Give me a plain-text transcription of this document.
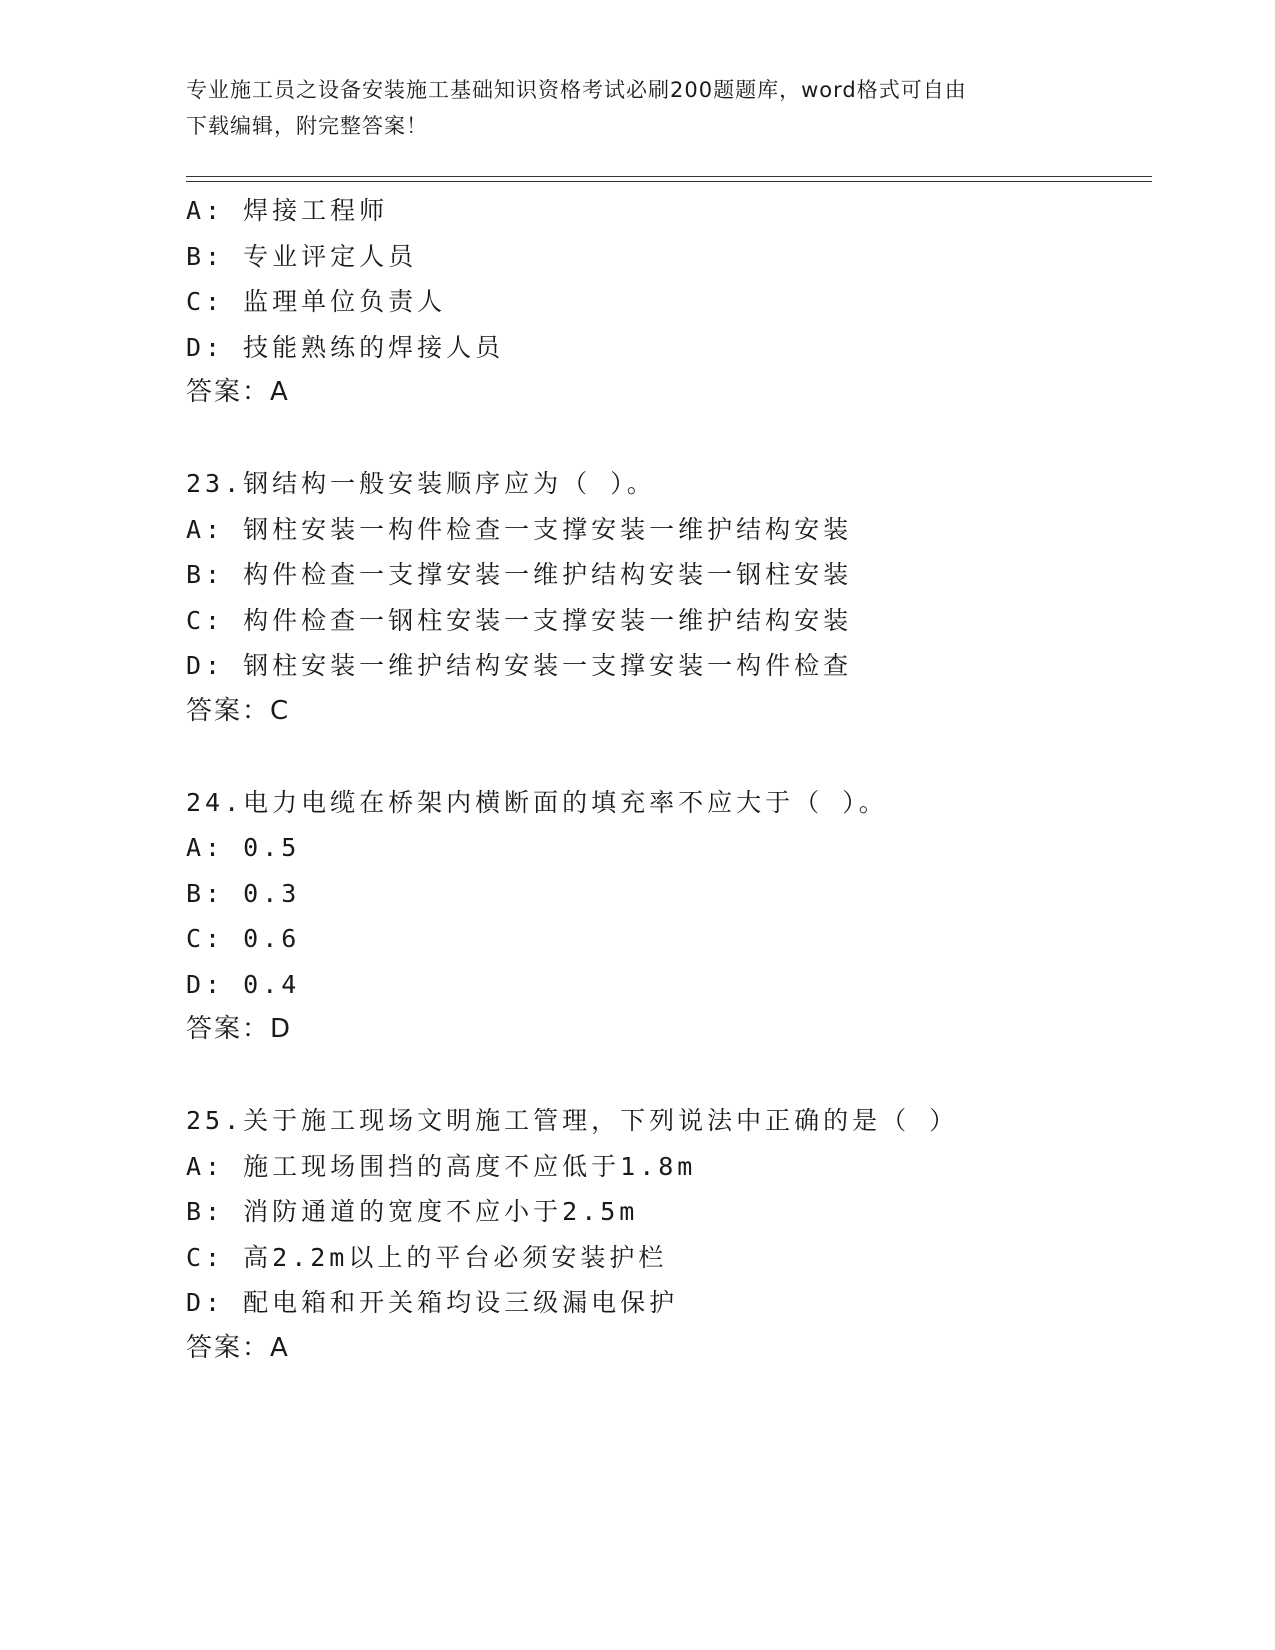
专业施工员之设备安装施工基础知识资格考试必刷200题题库，word格式可自由
下载编辑，附完整答案！
A: 焊接工程师
B: 专业评定人员
C: 监理单位负责人
D: 技能熟练的焊接人员
答案：A
23.钢结构一般安装顺序应为（ ）。
A: 钢柱安装一构件检查一支撑安装一维护结构安装
B: 构件检查一支撑安装一维护结构安装一钢柱安装
C: 构件检查一钢柱安装一支撑安装一维护结构安装
D: 钢柱安装一维护结构安装一支撑安装一构件检查
答案：C
24.电力电缆在桥架内横断面的填充率不应大于（ ）。
A: 0.5
B: 0.3
C: 0.6
D: 0.4
答案：D
25.关于施工现场文明施工管理，下列说法中正确的是（ ）
A: 施工现场围挡的高度不应低于1.8m
B: 消防通道的宽度不应小于2.5m
C: 高2.2m以上的平台必须安装护栏
D: 配电箱和开关箱均设三级漏电保护
答案：A
